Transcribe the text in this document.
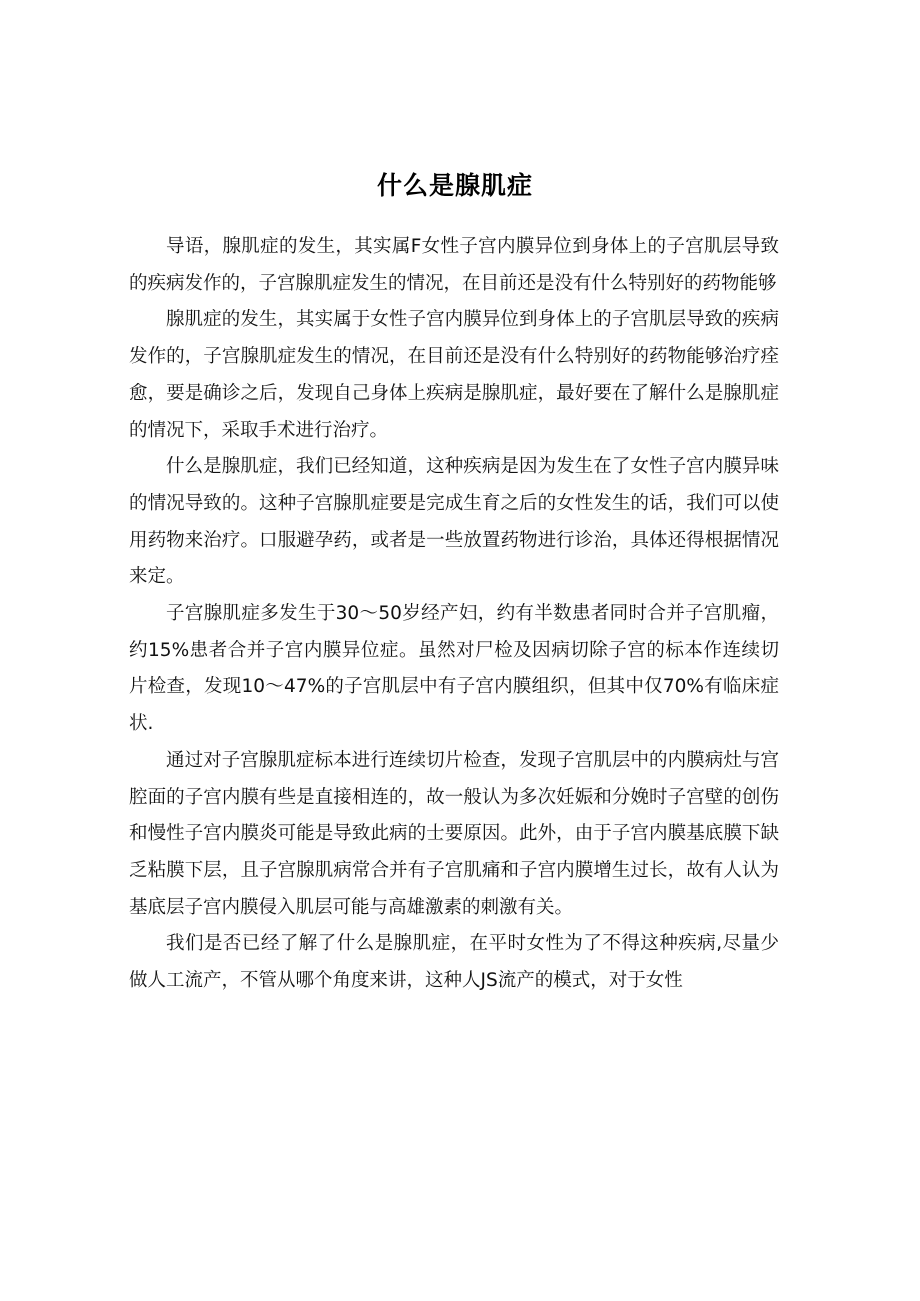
什么是腺肌症

导语，腺肌症的发生，其实属F女性子宫内膜异位到身体上的子宫肌层导致的疾病发作的，子宫腺肌症发生的情况，在目前还是没有什么特别好的药物能够

腺肌症的发生，其实属于女性子宫内膜异位到身体上的子宫肌层导致的疾病发作的，子宫腺肌症发生的情况，在目前还是没有什么特别好的药物能够治疗痊愈，要是确诊之后，发现自己身体上疾病是腺肌症，最好要在了解什么是腺肌症的情况下，采取手术进行治疗。

什么是腺肌症，我们已经知道，这种疾病是因为发生在了女性子宫内膜异味的情况导致的。这种子宫腺肌症要是完成生育之后的女性发生的话，我们可以使用药物来治疗。口服避孕药，或者是一些放置药物进行诊治，具体还得根据情况来定。

子宫腺肌症多发生于30〜50岁经产妇，约有半数患者同时合并子宫肌瘤，约15%患者合并子宫内膜异位症。虽然对尸检及因病切除子宫的标本作连续切片检查，发现10〜47%的子宫肌层中有子宫内膜组织，但其中仅70%有临床症状.

通过对子宫腺肌症标本进行连续切片检查，发现子宫肌层中的内膜病灶与宫腔面的子宫内膜有些是直接相连的，故一般认为多次妊娠和分娩时子宫壁的创伤和慢性子宫内膜炎可能是导致此病的士要原因。此外，由于子宫内膜基底膜下缺乏粘膜下层，且子宫腺肌病常合并有子宫肌痛和子宫内膜增生过长，故有人认为基底层子宫内膜侵入肌层可能与高雄激素的刺激有关。

我们是否已经了解了什么是腺肌症，在平时女性为了不得这种疾病,尽量少做人工流产，不管从哪个角度来讲，这种人JS流产的模式，对于女性
